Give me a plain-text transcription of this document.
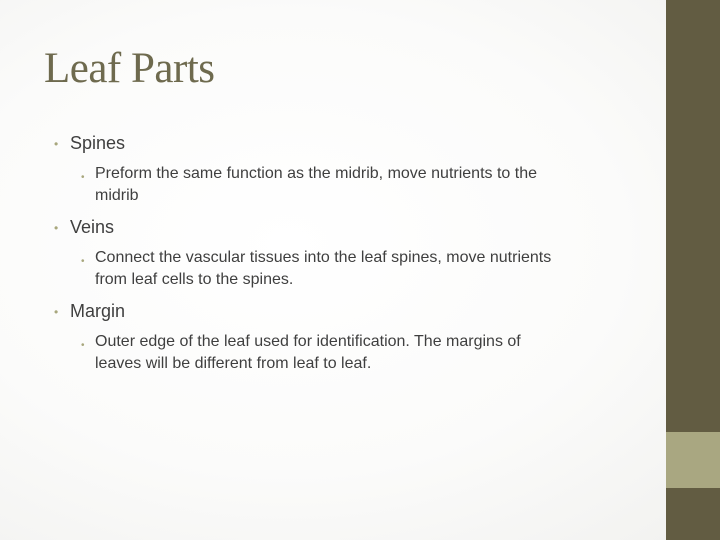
Leaf Parts
• Spines
• Preform the same function as the midrib, move nutrients to the
midrib
• Veins
• Connect the vascular tissues into the leaf spines, move nutrients
from leaf cells to the spines.
• Margin
• Outer edge of the leaf used for identification. The margins of
leaves will be different from leaf to leaf.
